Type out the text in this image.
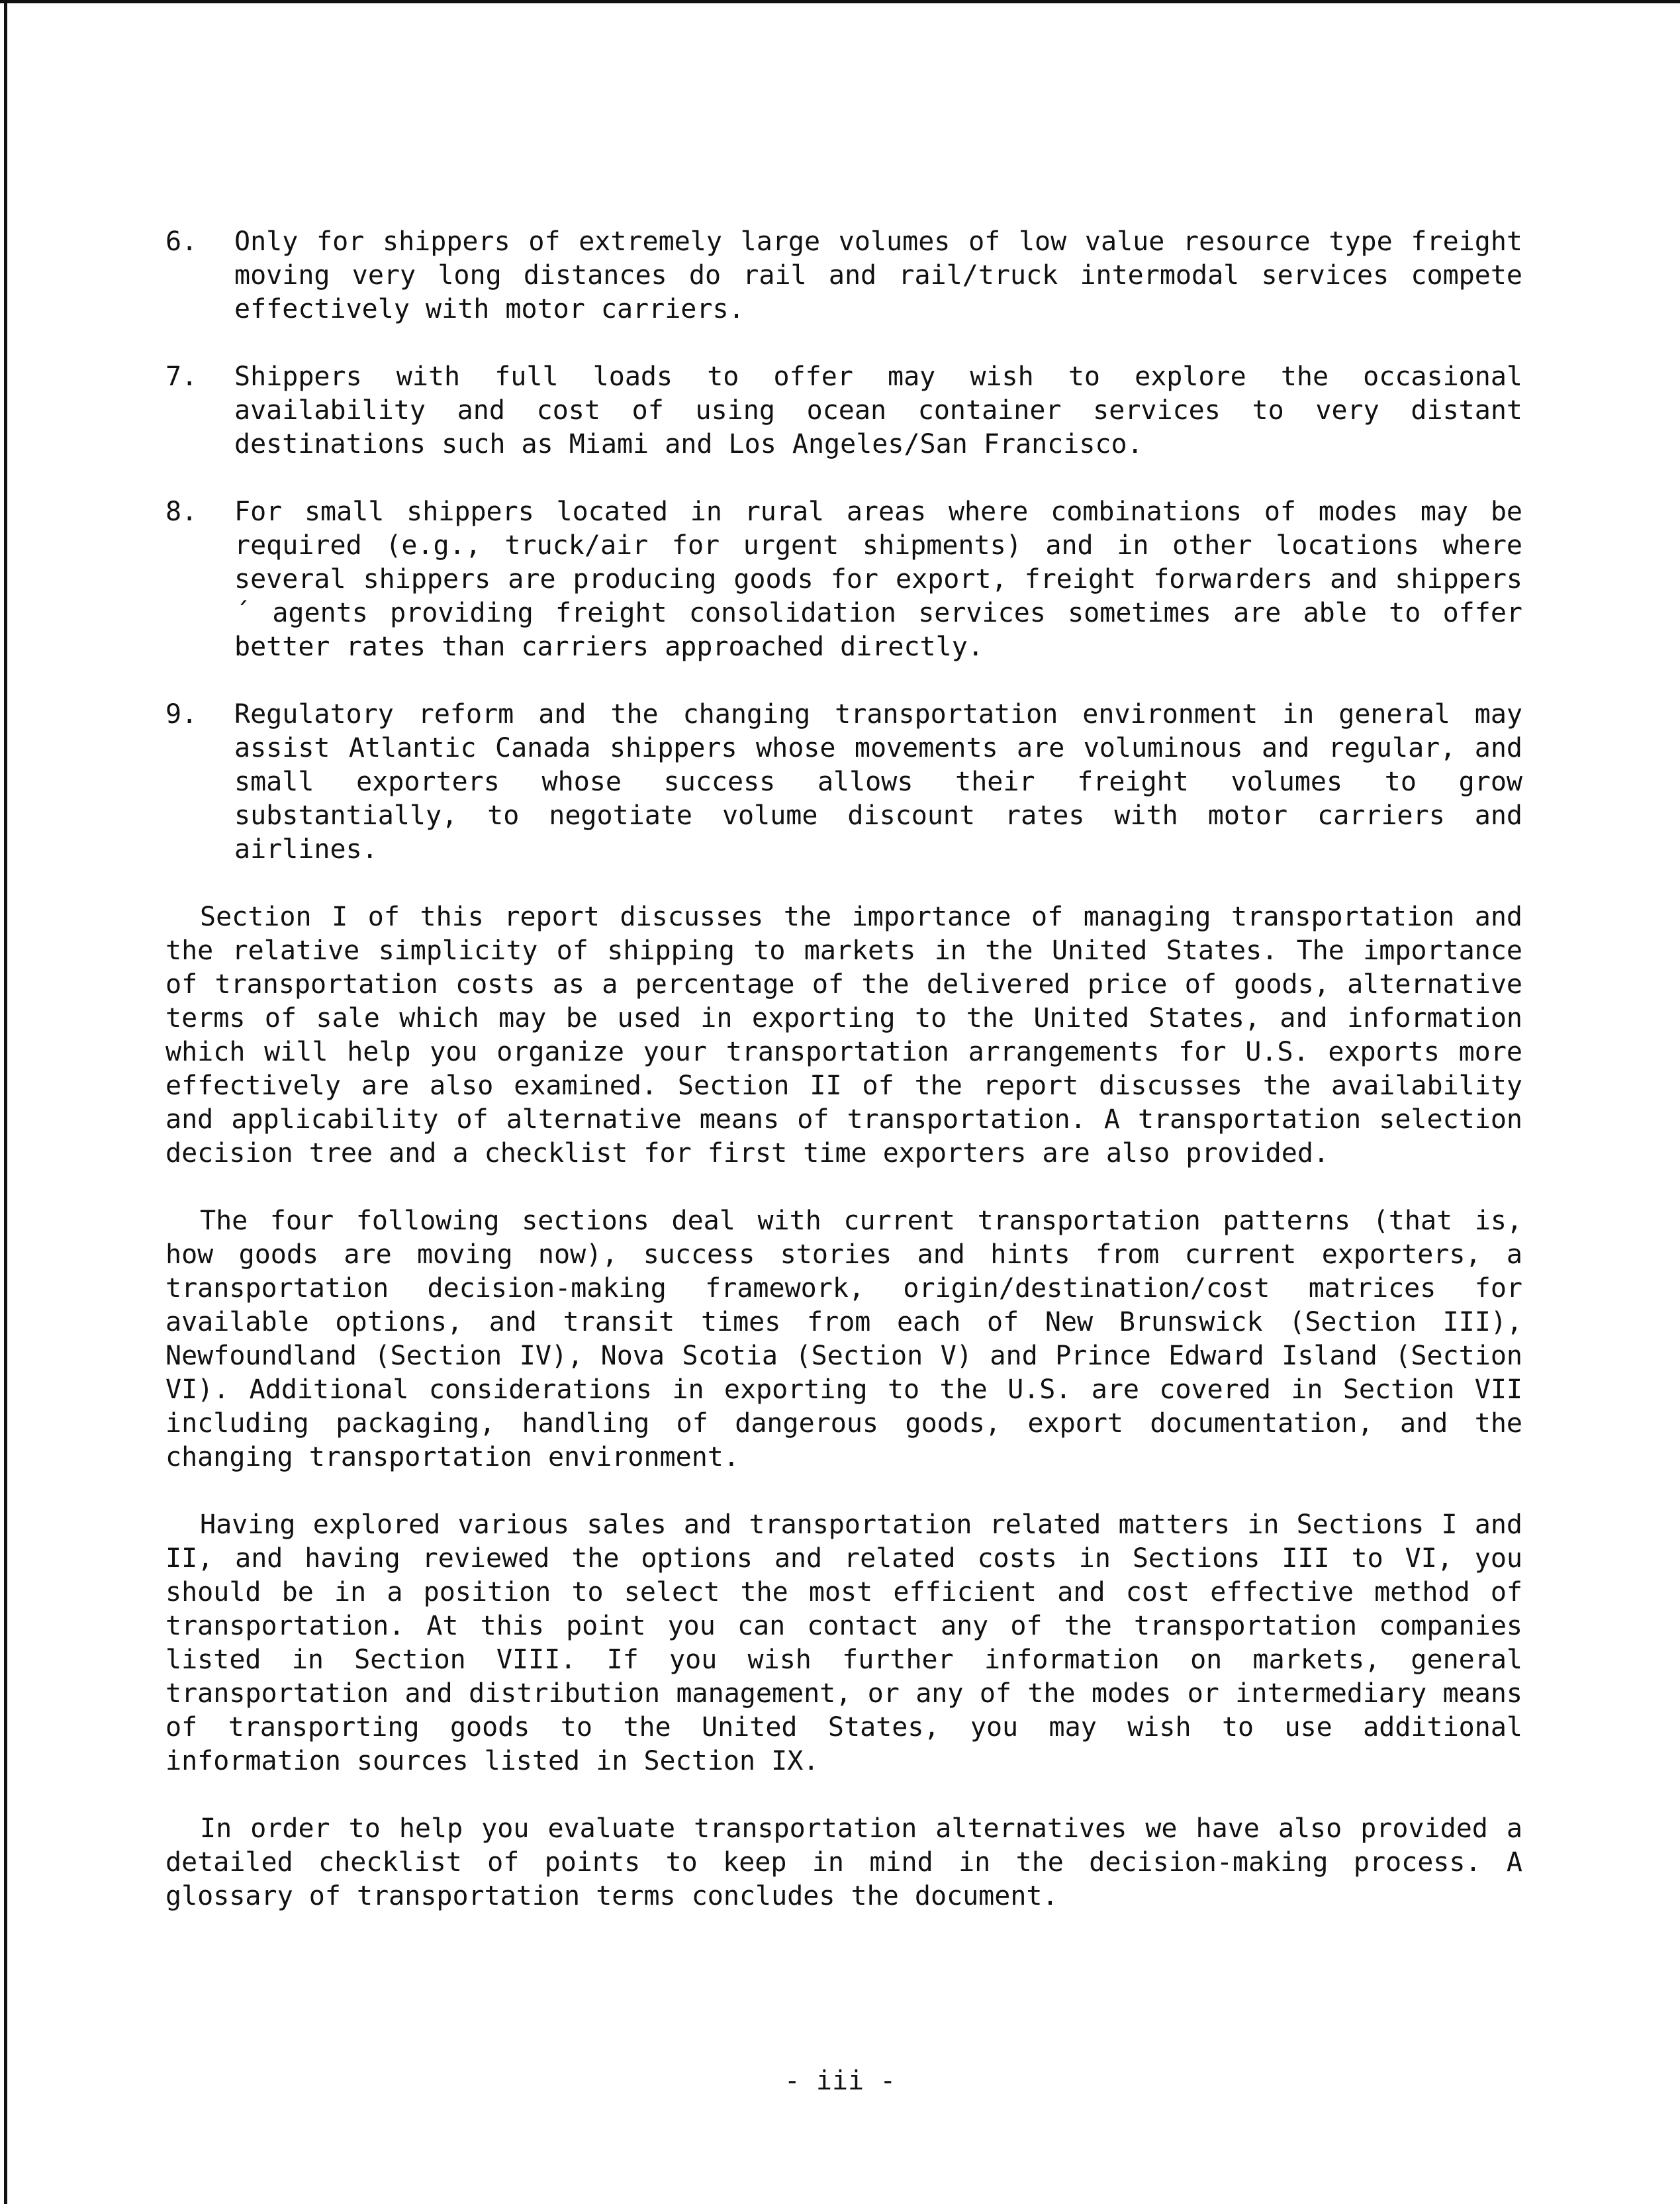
6. Only for shippers of extremely large volumes of low value resource type freight moving very long distances do rail and rail/truck intermodal services compete effectively with motor carriers.
7. Shippers with full loads to offer may wish to explore the occasional availability and cost of using ocean container services to very distant destinations such as Miami and Los Angeles/San Francisco.
8. For small shippers located in rural areas where combinations of modes may be required (e.g., truck/air for urgent shipments) and in other locations where several shippers are producing goods for export, freight forwarders and shippers´ agents providing freight consolidation services sometimes are able to offer better rates than carriers approached directly.
9. Regulatory reform and the changing transportation environment in general may assist Atlantic Canada shippers whose movements are voluminous and regular, and small exporters whose success allows their freight volumes to grow substantially, to negotiate volume discount rates with motor carriers and airlines.

Section I of this report discusses the importance of managing transportation and the relative simplicity of shipping to markets in the United States. The importance of transportation costs as a percentage of the delivered price of goods, alternative terms of sale which may be used in exporting to the United States, and information which will help you organize your transportation arrangements for U.S. exports more effectively are also examined. Section II of the report discusses the availability and applicability of alternative means of transportation. A transportation selection decision tree and a checklist for first time exporters are also provided.

The four following sections deal with current transportation patterns (that is, how goods are moving now), success stories and hints from current exporters, a transportation decision-making framework, origin/destination/cost matrices for available options, and transit times from each of New Brunswick (Section III), Newfoundland (Section IV), Nova Scotia (Section V) and Prince Edward Island (Section VI). Additional considerations in exporting to the U.S. are covered in Section VII including packaging, handling of dangerous goods, export documentation, and the changing transportation environment.

Having explored various sales and transportation related matters in Sections I and II, and having reviewed the options and related costs in Sections III to VI, you should be in a position to select the most efficient and cost effective method of transportation. At this point you can contact any of the transportation companies listed in Section VIII. If you wish further information on markets, general transportation and distribution management, or any of the modes or intermediary means of transporting goods to the United States, you may wish to use additional information sources listed in Section IX.

In order to help you evaluate transportation alternatives we have also provided a detailed checklist of points to keep in mind in the decision-making process. A glossary of transportation terms concludes the document.

- iii -
